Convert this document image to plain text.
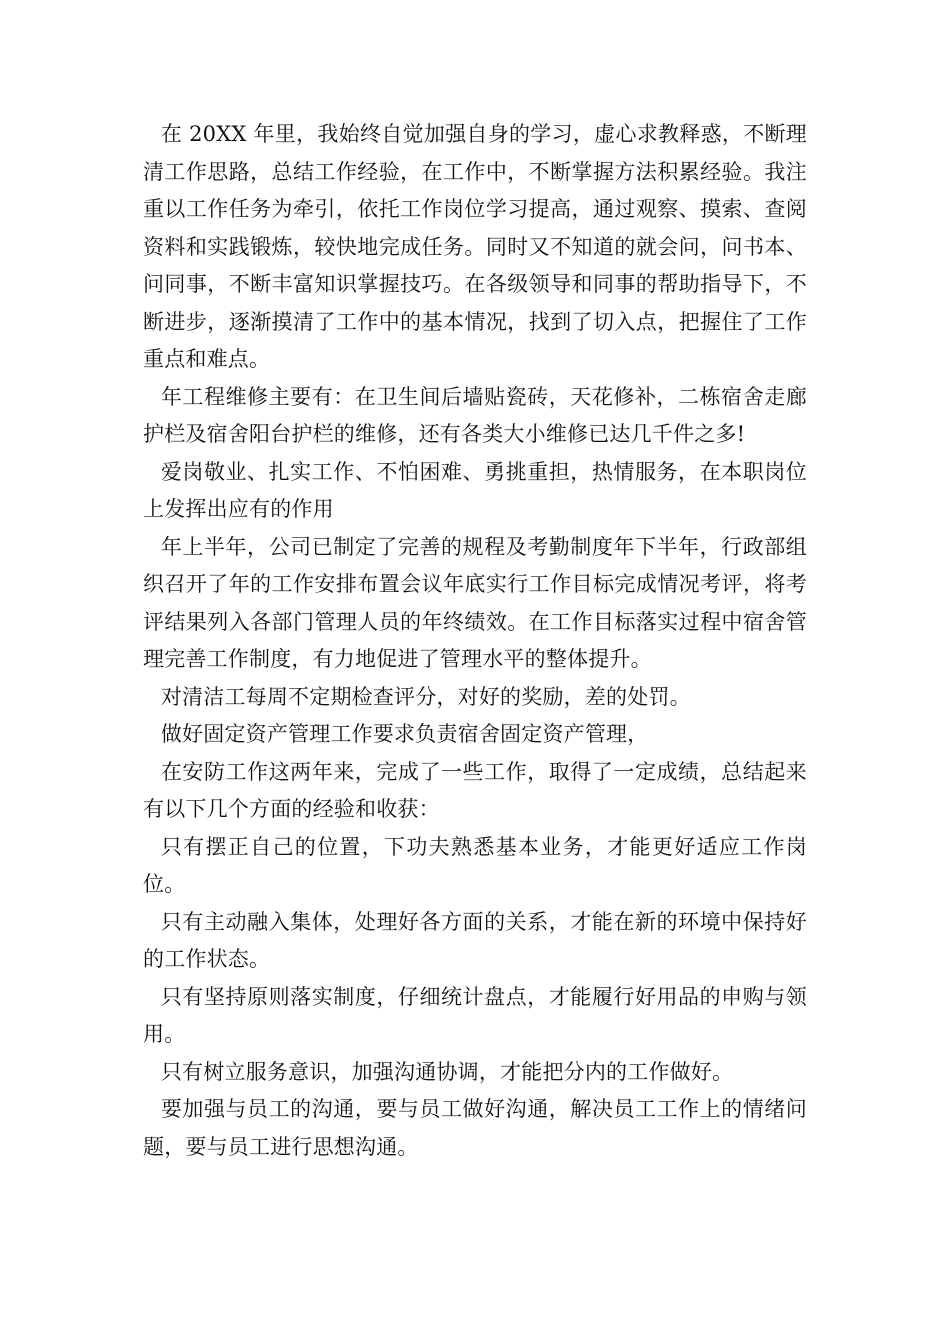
在 20XX 年里，我始终自觉加强自身的学习，虚心求教释惑，不断理清工作思路，总结工作经验，在工作中，不断掌握方法积累经验。我注重以工作任务为牵引，依托工作岗位学习提高，通过观察、摸索、查阅资料和实践锻炼，较快地完成任务。同时又不知道的就会问，问书本、问同事，不断丰富知识掌握技巧。在各级领导和同事的帮助指导下，不断进步，逐渐摸清了工作中的基本情况，找到了切入点，把握住了工作重点和难点。

年工程维修主要有：在卫生间后墙贴瓷砖，天花修补，二栋宿舍走廊护栏及宿舍阳台护栏的维修，还有各类大小维修已达几千件之多!

爱岗敬业、扎实工作、不怕困难、勇挑重担，热情服务，在本职岗位上发挥出应有的作用

年上半年，公司已制定了完善的规程及考勤制度年下半年，行政部组织召开了年的工作安排布置会议年底实行工作目标完成情况考评，将考评结果列入各部门管理人员的年终绩效。在工作目标落实过程中宿舍管理完善工作制度，有力地促进了管理水平的整体提升。

对清洁工每周不定期检查评分，对好的奖励，差的处罚。

做好固定资产管理工作要求负责宿舍固定资产管理，

在安防工作这两年来，完成了一些工作，取得了一定成绩，总结起来有以下几个方面的经验和收获：

只有摆正自己的位置，下功夫熟悉基本业务，才能更好适应工作岗位。

只有主动融入集体，处理好各方面的关系，才能在新的环境中保持好的工作状态。

只有坚持原则落实制度，仔细统计盘点，才能履行好用品的申购与领用。

只有树立服务意识，加强沟通协调，才能把分内的工作做好。

要加强与员工的沟通，要与员工做好沟通，解决员工工作上的情绪问题，要与员工进行思想沟通。
